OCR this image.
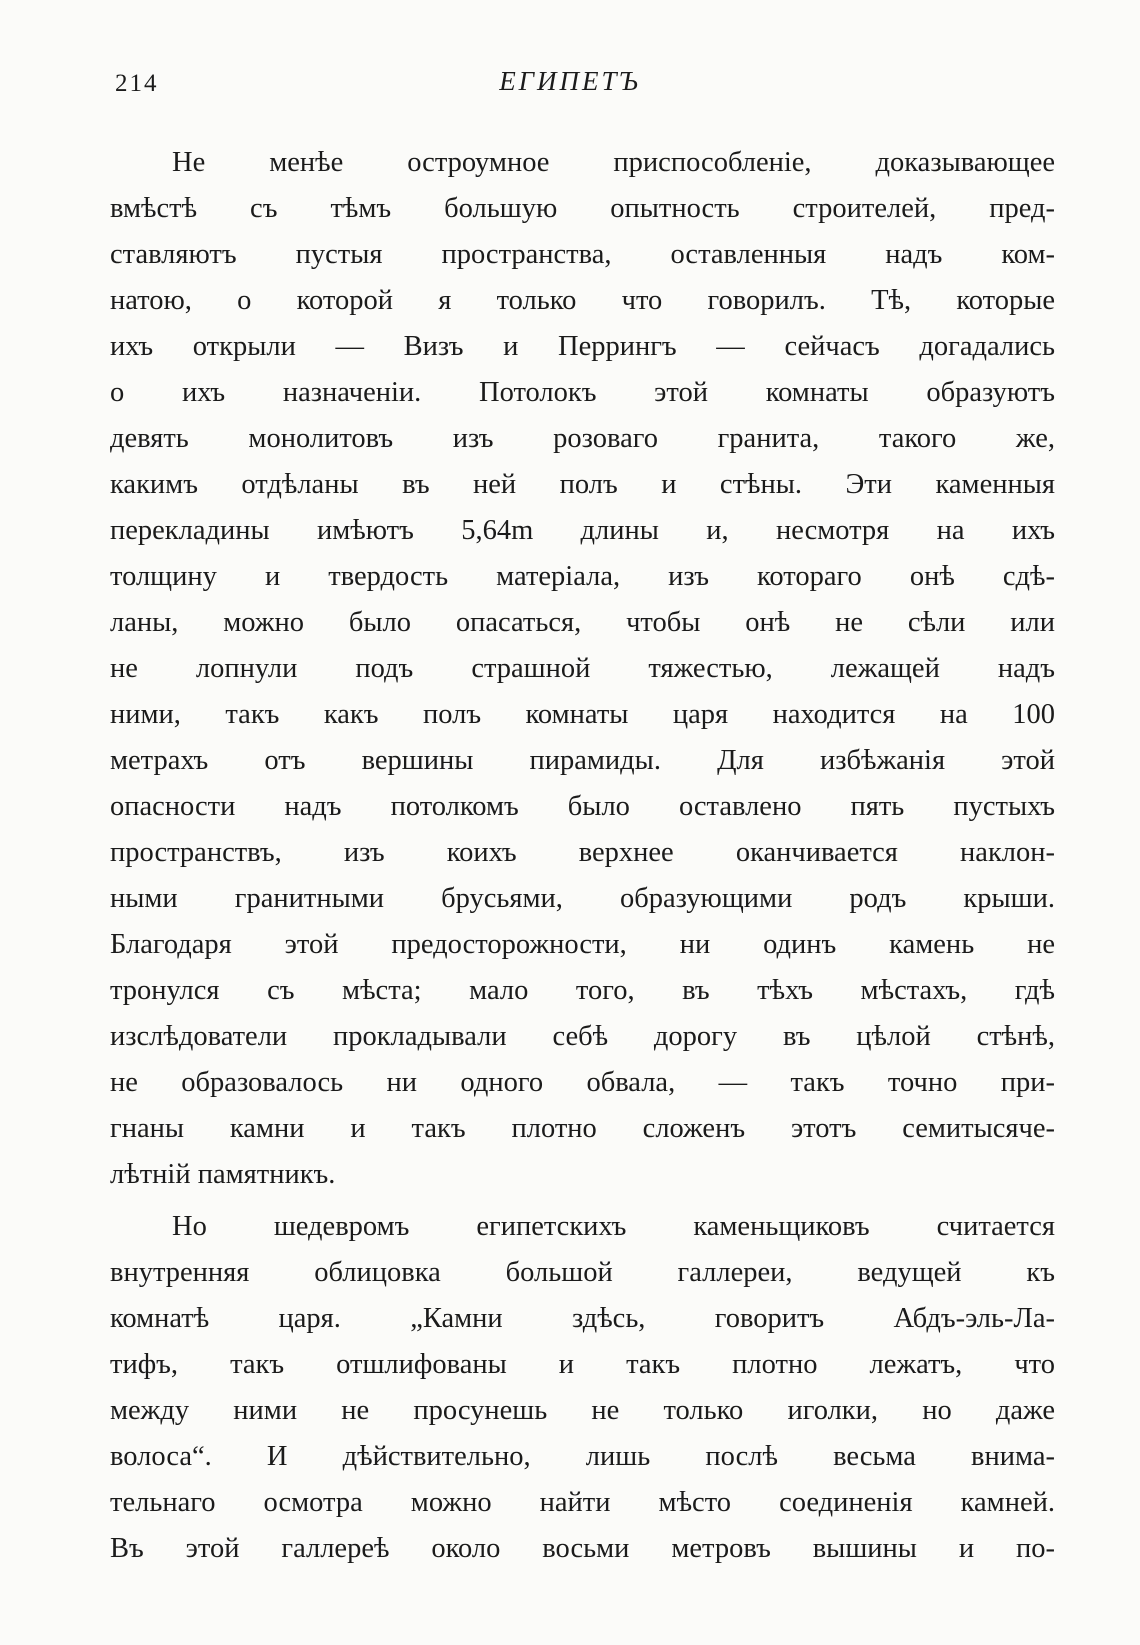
214	ЕГИПЕТЪ
Не менѣе остроумное приспособленіе, доказывающее
вмѣстѣ съ тѣмъ большую опытность строителей, пред-
ставляютъ пустыя пространства, оставленныя надъ ком-
натою, о которой я только что говорилъ. Тѣ, которые
ихъ открыли — Визъ и Перрингъ — сейчасъ догадались
о ихъ назначеніи. Потолокъ этой комнаты образуютъ
девять монолитовъ изъ розоваго гранита, такого же,
какимъ отдѣланы въ ней полъ и стѣны. Эти каменныя
перекладины имѣютъ 5,64m длины и, несмотря на ихъ
толщину и твердость матеріала, изъ котораго онѣ сдѣ-
ланы, можно было опасаться, чтобы онѣ не сѣли или
не лопнули подъ страшной тяжестью, лежащей надъ
ними, такъ какъ полъ комнаты царя находится на 100
метрахъ отъ вершины пирамиды. Для избѣжанія этой
опасности надъ потолкомъ было оставлено пять пустыхъ
пространствъ, изъ коихъ верхнее оканчивается наклон-
ными гранитными брусьями, образующими родъ крыши.
Благодаря этой предосторожности, ни одинъ камень не
тронулся съ мѣста; мало того, въ тѣхъ мѣстахъ, гдѣ
изслѣдователи прокладывали себѣ дорогу въ цѣлой стѣнѣ,
не образовалось ни одного обвала, — такъ точно при-
гнаны камни и такъ плотно сложенъ этотъ семитысяче-
лѣтній памятникъ.
Но шедевромъ египетскихъ каменьщиковъ считается
внутренняя облицовка большой галлереи, ведущей къ
комнатѣ царя. „Камни здѣсь, говоритъ Абдъ-эль-Ла-
тифъ, такъ отшлифованы и такъ плотно лежатъ, что
между ними не просунешь не только иголки, но даже
волоса“. И дѣйствительно, лишь послѣ весьма внима-
тельнаго осмотра можно найти мѣсто соединенія камней.
Въ этой галлереѣ около восьми метровъ вышины и по-
